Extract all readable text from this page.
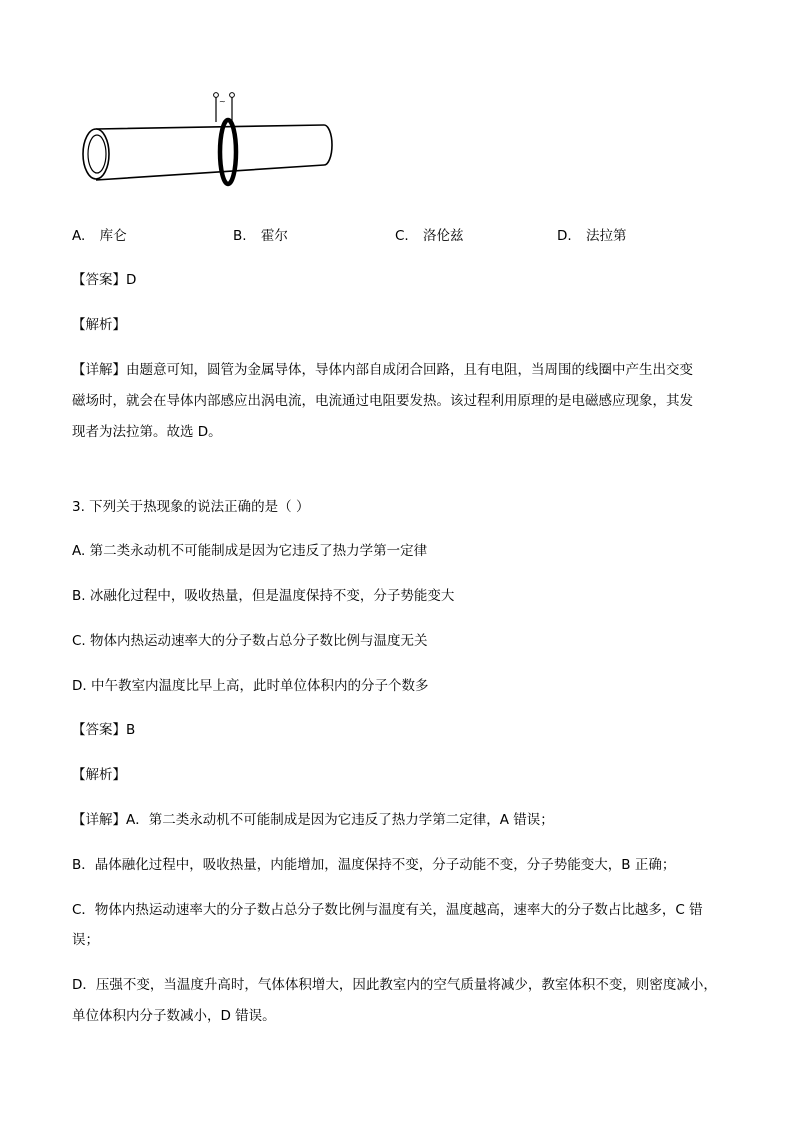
~
A. 库仑	B. 霍尔	C. 洛伦兹	D. 法拉第
【答案】D
【解析】
【详解】由题意可知，圆管为金属导体，导体内部自成闭合回路，且有电阻，当周围的线圈中产生出交变
磁场时，就会在导体内部感应出涡电流，电流通过电阻要发热。该过程利用原理的是电磁感应现象，其发
现者为法拉第。故选 D。
3. 下列关于热现象的说法正确的是（ ）
A. 第二类永动机不可能制成是因为它违反了热力学第一定律
B. 冰融化过程中，吸收热量，但是温度保持不变，分子势能变大
C. 物体内热运动速率大的分子数占总分子数比例与温度无关
D. 中午教室内温度比早上高，此时单位体积内的分子个数多
【答案】B
【解析】
【详解】A．第二类永动机不可能制成是因为它违反了热力学第二定律，A 错误；
B．晶体融化过程中，吸收热量，内能增加，温度保持不变，分子动能不变，分子势能变大，B 正确；
C．物体内热运动速率大的分子数占总分子数比例与温度有关，温度越高，速率大的分子数占比越多，C 错
误；
D．压强不变，当温度升高时，气体体积增大，因此教室内的空气质量将减少，教室体积不变，则密度减小，
单位体积内分子数减小，D 错误。
